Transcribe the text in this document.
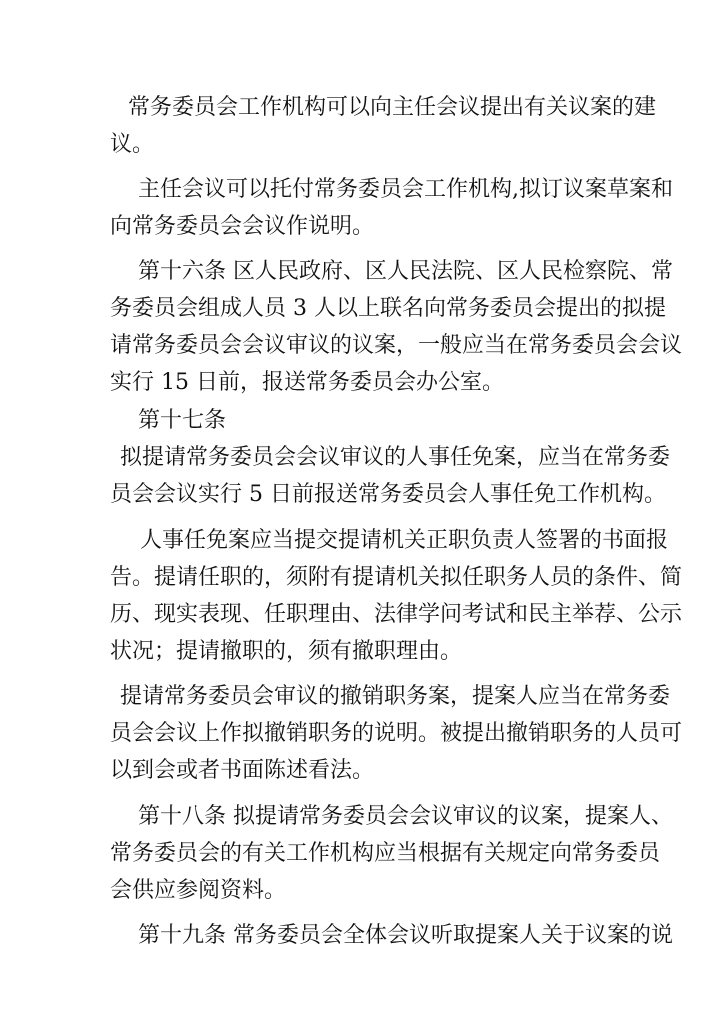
常务委员会工作机构可以向主任会议提出有关议案的建
议。
主任会议可以托付常务委员会工作机构,拟订议案草案和
向常务委员会会议作说明。
第十六条 区人民政府、区人民法院、区人民检察院、常
务委员会组成人员 3 人以上联名向常务委员会提出的拟提
请常务委员会会议审议的议案，一般应当在常务委员会会议
实行 15 日前，报送常务委员会办公室。
第十七条
拟提请常务委员会会议审议的人事任免案，应当在常务委
员会会议实行 5 日前报送常务委员会人事任免工作机构。
人事任免案应当提交提请机关正职负责人签署的书面报
告。提请任职的，须附有提请机关拟任职务人员的条件、简
历、现实表现、任职理由、法律学问考试和民主举荐、公示
状况；提请撤职的，须有撤职理由。
提请常务委员会审议的撤销职务案，提案人应当在常务委
员会会议上作拟撤销职务的说明。被提出撤销职务的人员可
以到会或者书面陈述看法。
第十八条 拟提请常务委员会会议审议的议案，提案人、
常务委员会的有关工作机构应当根据有关规定向常务委员
会供应参阅资料。
第十九条 常务委员会全体会议听取提案人关于议案的说
